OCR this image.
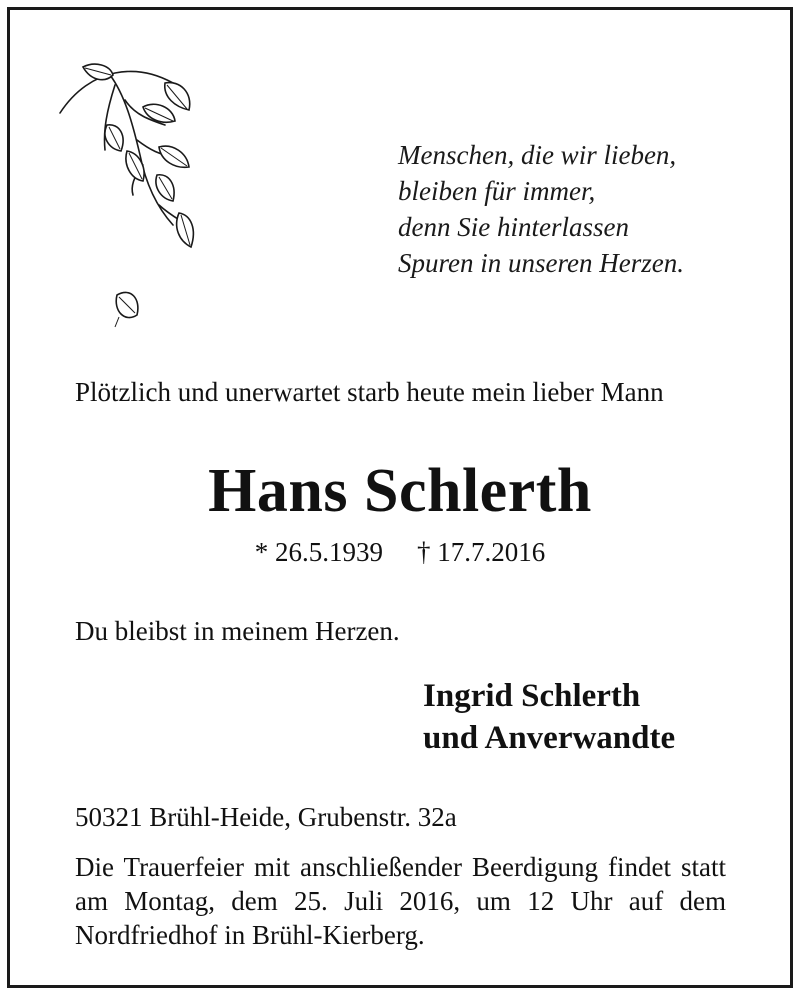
Menschen, die wir lieben,
bleiben für immer,
denn Sie hinterlassen
Spuren in unseren Herzen.
Plötzlich und unerwartet starb heute mein lieber Mann
Hans Schlerth
* 26.5.1939 † 17.7.2016
Du bleibst in meinem Herzen.
Ingrid Schlerth
und Anverwandte
50321 Brühl-Heide, Grubenstr. 32a
Die Trauerfeier mit anschließender Beerdigung findet statt am Montag, dem 25. Juli 2016, um 12 Uhr auf dem Nordfriedhof in Brühl-Kierberg.
